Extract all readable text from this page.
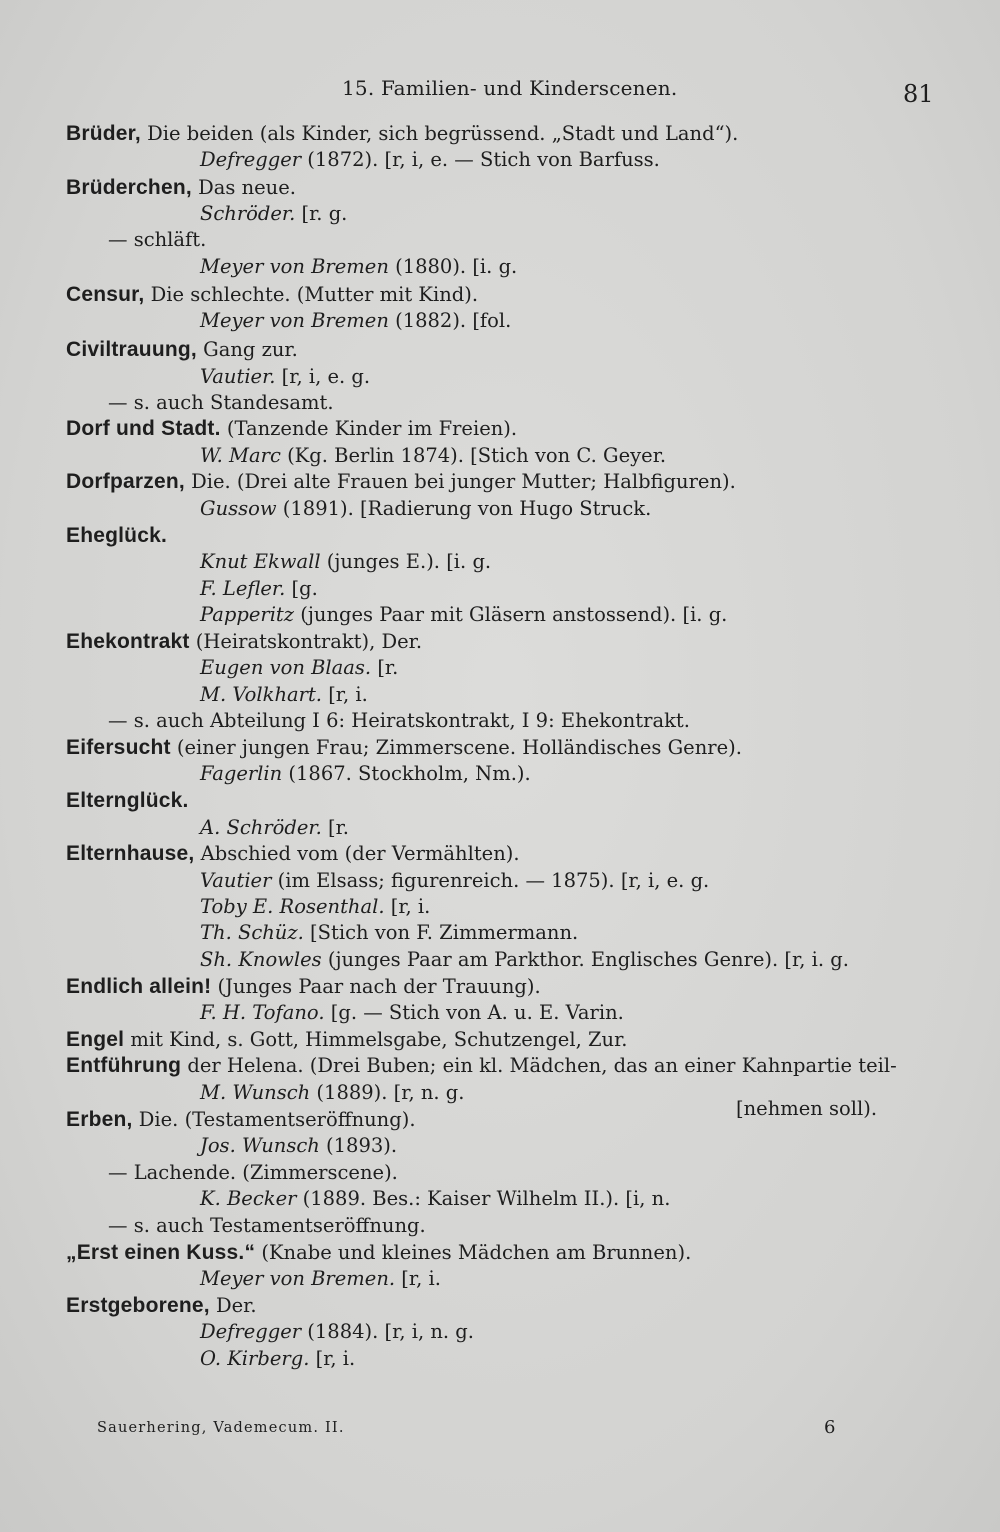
15. Familien- und Kinderscenen.	81
Brüder, Die beiden (als Kinder, sich begrüssend. „Stadt und Land“).
Defregger (1872). [r, i, e. — Stich von Barfuss.
Brüderchen, Das neue.
Schröder. [r. g.
— schläft.
Meyer von Bremen (1880). [i. g.
Censur, Die schlechte. (Mutter mit Kind).
Meyer von Bremen (1882). [fol.
Civiltrauung, Gang zur.
Vautier. [r, i, e. g.
— s. auch Standesamt.
Dorf und Stadt. (Tanzende Kinder im Freien).
W. Marc (Kg. Berlin 1874). [Stich von C. Geyer.
Dorfparzen, Die. (Drei alte Frauen bei junger Mutter; Halbfiguren).
Gussow (1891). [Radierung von Hugo Struck.
Eheglück.
Knut Ekwall (junges E.). [i. g.
F. Lefler. [g.
Papperitz (junges Paar mit Gläsern anstossend). [i. g.
Ehekontrakt (Heiratskontrakt), Der.
Eugen von Blaas. [r.
M. Volkhart. [r, i.
— s. auch Abteilung I 6: Heiratskontrakt, I 9: Ehekontrakt.
Eifersucht (einer jungen Frau; Zimmerscene. Holländisches Genre).
Fagerlin (1867. Stockholm, Nm.).
Elternglück.
A. Schröder. [r.
Elternhause, Abschied vom (der Vermählten).
Vautier (im Elsass; figurenreich. — 1875). [r, i, e. g.
Toby E. Rosenthal. [r, i.
Th. Schüz. [Stich von F. Zimmermann.
Sh. Knowles (junges Paar am Parkthor. Englisches Genre). [r, i. g.
Endlich allein! (Junges Paar nach der Trauung).
F. H. Tofano. [g. — Stich von A. u. E. Varin.
Engel mit Kind, s. Gott, Himmelsgabe, Schutzengel, Zur.
Entführung der Helena. (Drei Buben; ein kl. Mädchen, das an einer Kahnpartie teil-
M. Wunsch (1889). [r, n. g.
Erben, Die. (Testamentseröffnung).
Jos. Wunsch (1893).
— Lachende. (Zimmerscene).
K. Becker (1889. Bes.: Kaiser Wilhelm II.). [i, n.
— s. auch Testamentseröffnung.
„Erst einen Kuss.“ (Knabe und kleines Mädchen am Brunnen).
Meyer von Bremen. [r, i.
Erstgeborene, Der.
Defregger (1884). [r, i, n. g.
O. Kirberg. [r, i.
[nehmen soll).
Sauerhering, Vademecum. II.	6
